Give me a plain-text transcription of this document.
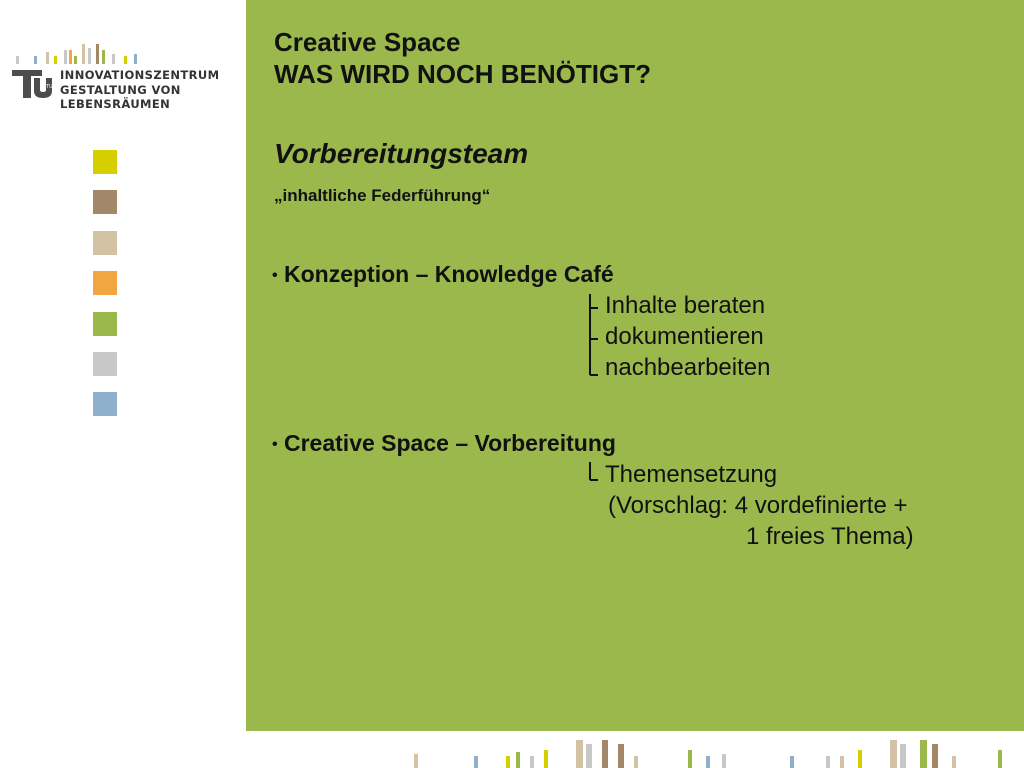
TU
INNOVATIONSZENTRUM
GESTALTUNG VON LEBENSRÄUMEN
Creative Space
WAS WIRD NOCH BENÖTIGT?
Vorbereitungsteam
„inhaltliche Federführung“
• Konzeption – Knowledge Café
Inhalte beraten
dokumentieren
nachbearbeiten
• Creative Space – Vorbereitung
Themensetzung
(Vorschlag: 4 vordefinierte +
1 freies Thema)
